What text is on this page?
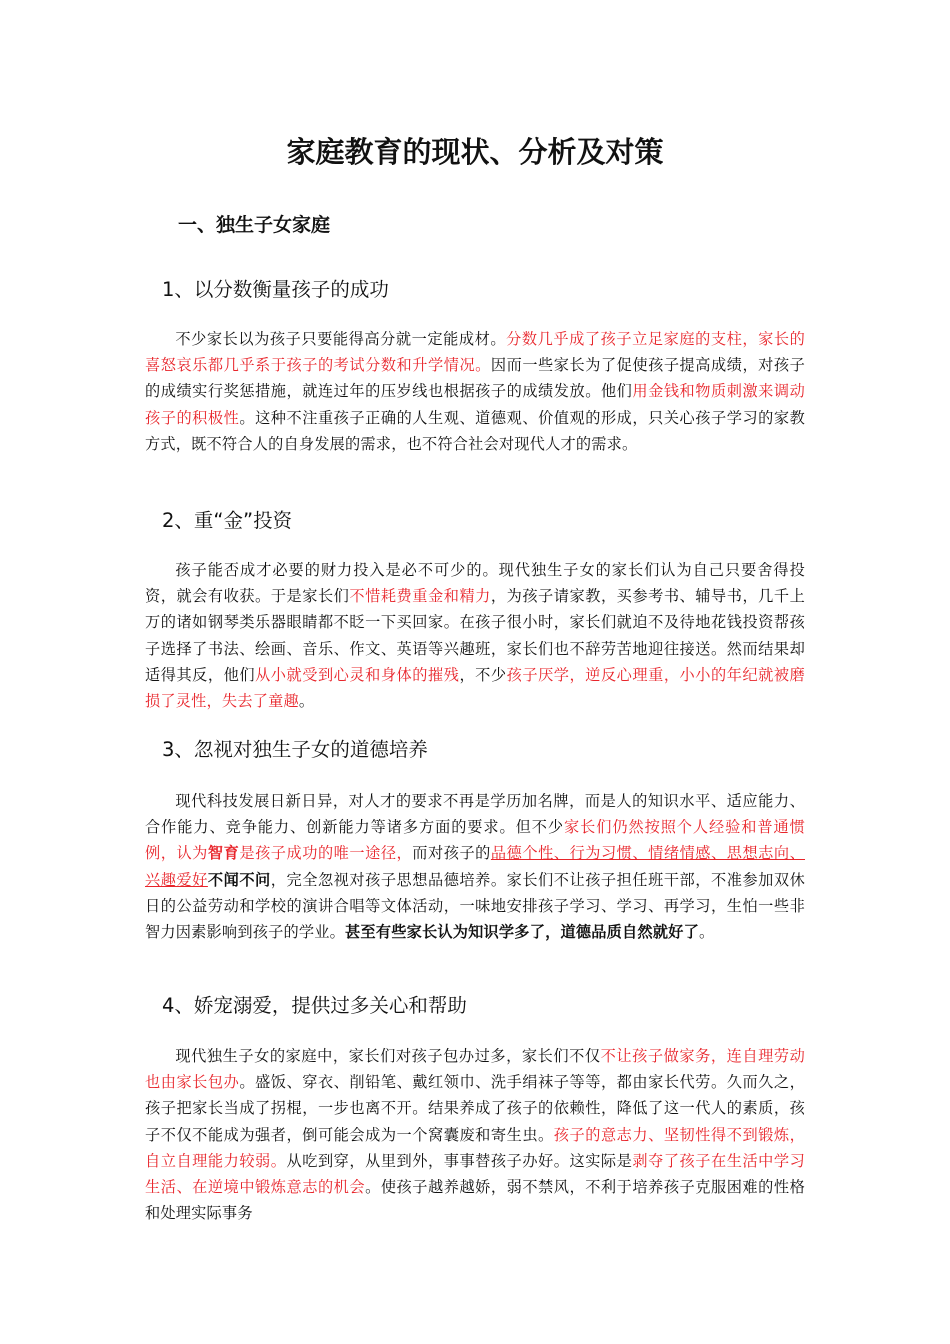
家庭教育的现状、分析及对策
一、独生子女家庭
1、以分数衡量孩子的成功

不少家长以为孩子只要能得高分就一定能成材。分数几乎成了孩子立足家庭的支柱，家长的喜怒哀乐都几乎系于孩子的考试分数和升学情况。因而一些家长为了促使孩子提高成绩，对孩子的成绩实行奖惩措施，就连过年的压岁线也根据孩子的成绩发放。他们用金钱和物质刺激来调动孩子的积极性。这种不注重孩子正确的人生观、道德观、价值观的形成，只关心孩子学习的家教方式，既不符合人的自身发展的需求，也不符合社会对现代人才的需求。

2、重“金”投资

孩子能否成才必要的财力投入是必不可少的。现代独生子女的家长们认为自己只要舍得投资，就会有收获。于是家长们不惜耗费重金和精力，为孩子请家教，买参考书、辅导书，几千上万的诸如钢琴类乐器眼睛都不眨一下买回家。在孩子很小时，家长们就迫不及待地花钱投资帮孩子选择了书法、绘画、音乐、作文、英语等兴趣班，家长们也不辞劳苦地迎往接送。然而结果却适得其反，他们从小就受到心灵和身体的摧残，不少孩子厌学，逆反心理重，小小的年纪就被磨损了灵性，失去了童趣。

3、忽视对独生子女的道德培养

现代科技发展日新日异，对人才的要求不再是学历加名牌，而是人的知识水平、适应能力、合作能力、竞争能力、创新能力等诸多方面的要求。但不少家长们仍然按照个人经验和普通惯例，认为智育是孩子成功的唯一途径，而对孩子的品德个性、行为习惯、情绪情感、思想志向、兴趣爱好不闻不问，完全忽视对孩子思想品德培养。家长们不让孩子担任班干部，不准参加双休日的公益劳动和学校的演讲合唱等文体活动，一味地安排孩子学习、学习、再学习，生怕一些非智力因素影响到孩子的学业。甚至有些家长认为知识学多了，道德品质自然就好了。

4、娇宠溺爱，提供过多关心和帮助

现代独生子女的家庭中，家长们对孩子包办过多，家长们不仅不让孩子做家务，连自理劳动也由家长包办。盛饭、穿衣、削铅笔、戴红领巾、洗手绢袜子等等，都由家长代劳。久而久之，孩子把家长当成了拐棍，一步也离不开。结果养成了孩子的依赖性，降低了这一代人的素质，孩子不仅不能成为强者，倒可能会成为一个窝囊废和寄生虫。孩子的意志力、坚韧性得不到锻炼，自立自理能力较弱。从吃到穿，从里到外，事事替孩子办好。这实际是剥夺了孩子在生活中学习生活、在逆境中锻炼意志的机会。使孩子越养越娇，弱不禁风，不利于培养孩子克服困难的性格和处理实际事务
